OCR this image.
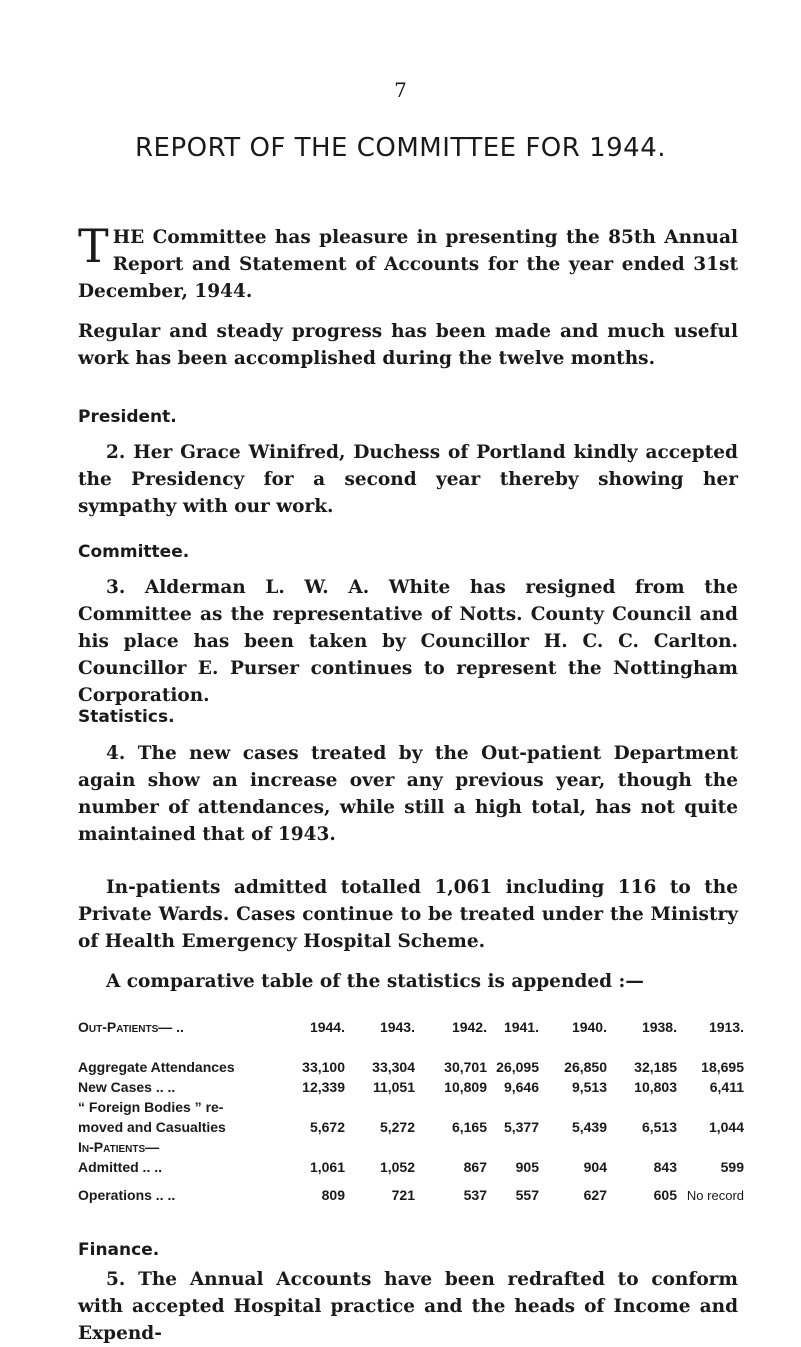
7
REPORT OF THE COMMITTEE FOR 1944.
THE Committee has pleasure in presenting the 85th Annual Report and Statement of Accounts for the year ended 31st December, 1944.
Regular and steady progress has been made and much useful work has been accomplished during the twelve months.
President.
2. Her Grace Winifred, Duchess of Portland kindly accepted the Presidency for a second year thereby showing her sympathy with our work.
Committee.
3. Alderman L. W. A. White has resigned from the Committee as the representative of Notts. County Council and his place has been taken by Councillor H. C. C. Carlton. Councillor E. Purser continues to represent the Nottingham Corporation.
Statistics.
4. The new cases treated by the Out-patient Department again show an increase over any previous year, though the number of attendances, while still a high total, has not quite maintained that of 1943.
In-patients admitted totalled 1,061 including 116 to the Private Wards. Cases continue to be treated under the Ministry of Health Emergency Hospital Scheme.
A comparative table of the statistics is appended :—
Out-Patients— ..	1944.	1943.	1942.	1941.	1940.	1938.	1913.

Aggregate Attendances	33,100	33,304	30,701	26,095	26,850	32,185	18,695
New Cases .. ..	12,339	11,051	10,809	9,646	9,513	10,803	6,411
“ Foreign Bodies ” re-							
moved and Casualties	5,672	5,272	6,165	5,377	5,439	6,513	1,044
In-Patients—							
Admitted .. ..	1,061	1,052	867	905	904	843	599

Operations .. ..	809	721	537	557	627	605	No record
Finance.
5. The Annual Accounts have been redrafted to conform with accepted Hospital practice and the heads of Income and Expend-
